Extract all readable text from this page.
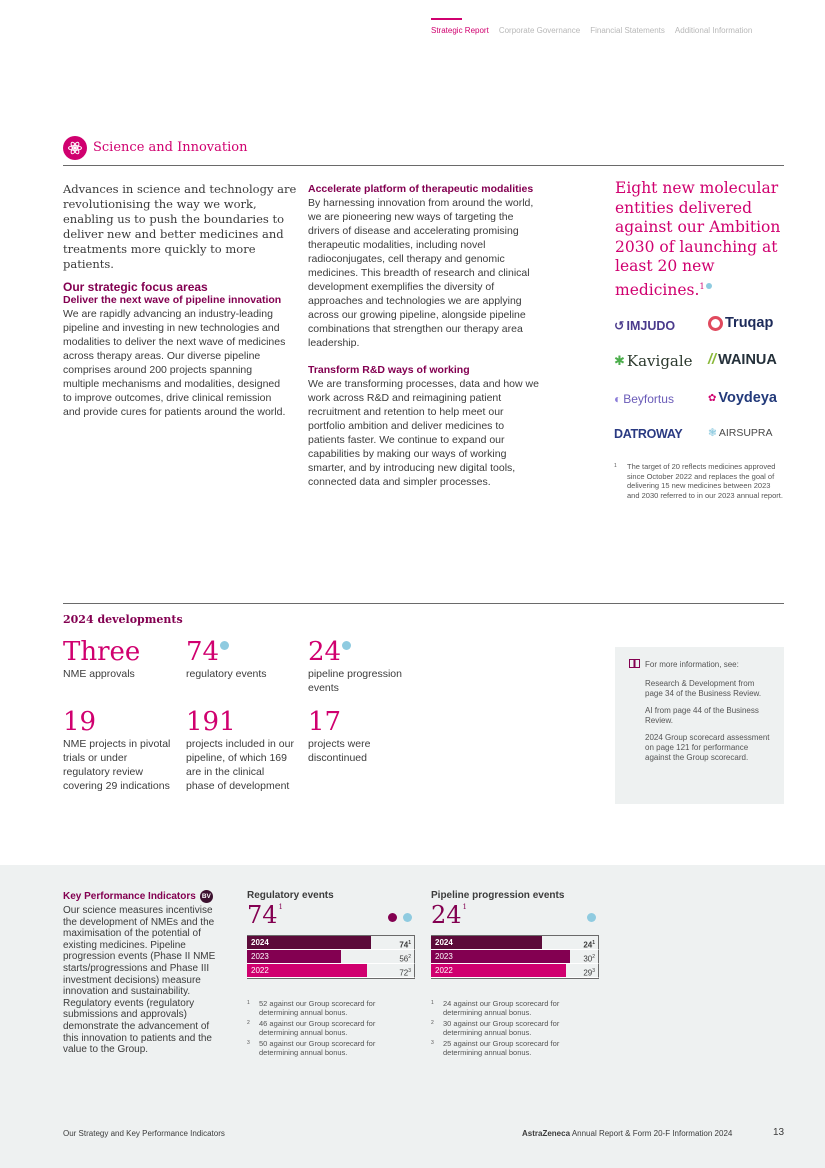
Strategic Report Corporate Governance Financial Statements Additional Information
Science and Innovation
Advances in science and technology are revolutionising the way we work, enabling us to push the boundaries to deliver new and better medicines and treatments more quickly to more patients.
Our strategic focus areas
Deliver the next wave of pipeline innovation
We are rapidly advancing an industry-leading pipeline and investing in new technologies and modalities to deliver the next wave of medicines across therapy areas. Our diverse pipeline comprises around 200 projects spanning multiple mechanisms and modalities, designed to improve outcomes, drive clinical remission and provide cures for patients around the world.
Accelerate platform of therapeutic modalities
By harnessing innovation from around the world, we are pioneering new ways of targeting the drivers of disease and accelerating promising therapeutic modalities, including novel radioconjugates, cell therapy and genomic medicines. This breadth of research and clinical development exemplifies the diversity of approaches and technologies we are applying across our growing pipeline, alongside pipeline combinations that strengthen our therapy area leadership.
Transform R&D ways of working
We are transforming processes, data and how we work across R&D and reimagining patient recruitment and retention to help meet our portfolio ambition and deliver medicines to patients faster. We continue to expand our capabilities by making our ways of working smarter, and by introducing new digital tools, connected data and simpler processes.
Eight new molecular entities delivered against our Ambition 2030 of launching at least 20 new medicines.$^1$
↺ IMJUDO	Truqap
✱ Kavigale // WAINUA
◐ Beyfortus	✿ Voydeya
DATROWAY ❃ AIRSUPRA
1 The target of 20 reflects medicines approved since October 2022 and replaces the goal of delivering 15 new medicines between 2023 and 2030 referred to in our 2023 annual report.
2024 developments
Three
NME approvals
74
regulatory events
24
pipeline progression events
19
NME projects in pivotal trials or under regulatory review covering 29 indications
191
projects included in our pipeline, of which 169 are in the clinical phase of development
17
projects were discontinued
For more information, see:

Research & Development from page 34 of the Business Review.

AI from page 44 of the Business Review.

2024 Group scorecard assessment on page 121 for performance against the Group scorecard.

Key Performance Indicators BV
Our science measures incentivise the development of NMEs and the maximisation of the potential of existing medicines. Pipeline progression events (Phase II NME starts/progressions and Phase III investment decisions) measure innovation and sustainability. Regulatory events (regulatory submissions and approvals) demonstrate the advancement of this innovation to patients and the value to the Group.
Regulatory events
$74^1$
2024	$74^1$
2023	$56^2$
2022	$72^3$
1 52 against our Group scorecard for determining annual bonus.
2 46 against our Group scorecard for determining annual bonus.
3 50 against our Group scorecard for determining annual bonus.
Pipeline progression events
$24^1$
2024	$24^1$
2023	$30^2$
2022	$29^3$
1 24 against our Group scorecard for determining annual bonus.
2 30 against our Group scorecard for determining annual bonus.
3 25 against our Group scorecard for determining annual bonus.
Our Strategy and Key Performance Indicators	AstraZeneca Annual Report & Form 20-F Information 2024	13
